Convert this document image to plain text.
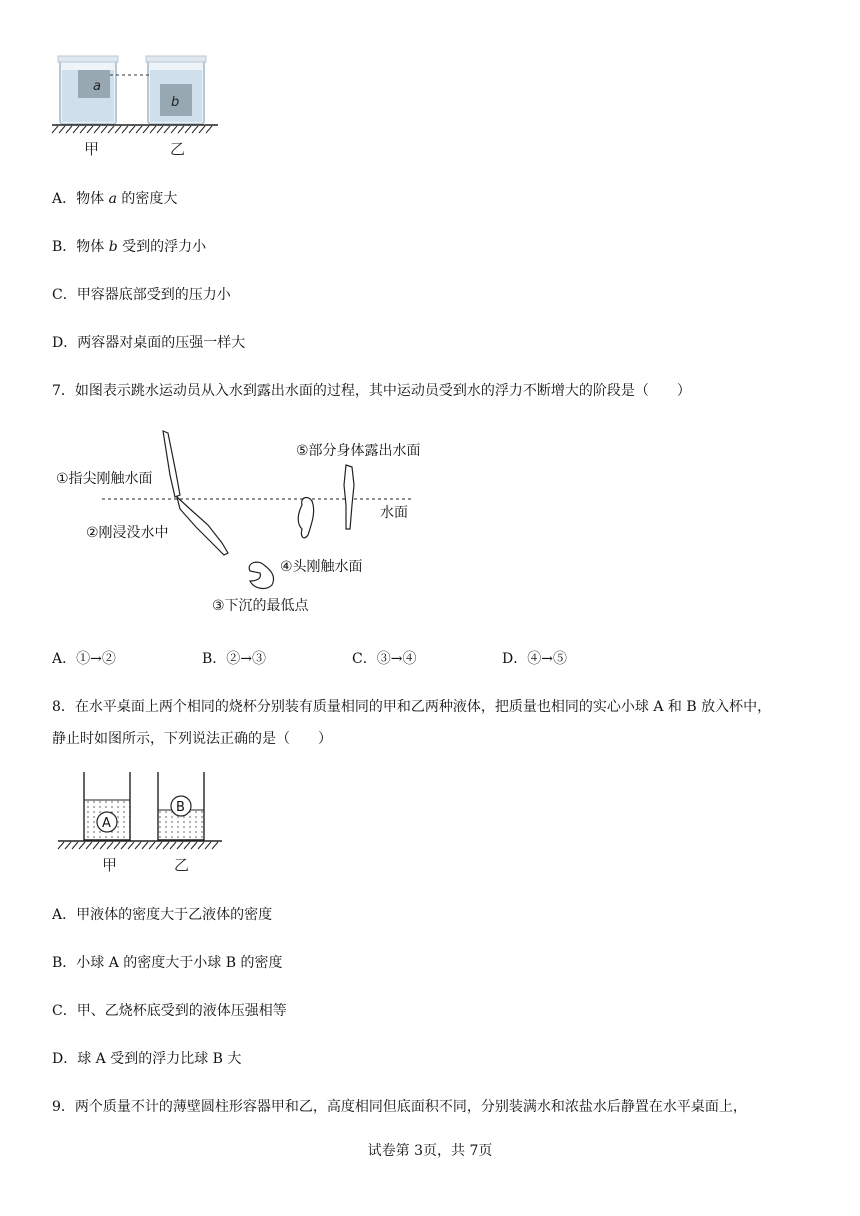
a
b
甲	乙
A．物体 a 的密度大
B．物体 b 受到的浮力小
C．甲容器底部受到的压力小
D．两容器对桌面的压强一样大
7．如图表示跳水运动员从入水到露出水面的过程，其中运动员受到水的浮力不断增大的阶段是（　　）
水面
①指尖刚触水面
②刚浸没水中
③下沉的最低点
④头刚触水面
⑤部分身体露出水面
A．①→②	B．②→③	C．③→④	D．④→⑤
8．在水平桌面上两个相同的烧杯分别装有质量相同的甲和乙两种液体，把质量也相同的实心小球 A 和 B 放入杯中，
静止时如图所示，下列说法正确的是（　　）
A
B
甲	乙
A．甲液体的密度大于乙液体的密度
B．小球 A 的密度大于小球 B 的密度
C．甲、乙烧杯底受到的液体压强相等
D．球 A 受到的浮力比球 B 大
9．两个质量不计的薄壁圆柱形容器甲和乙，高度相同但底面积不同，分别装满水和浓盐水后静置在水平桌面上，
试卷第 3页，共 7页
